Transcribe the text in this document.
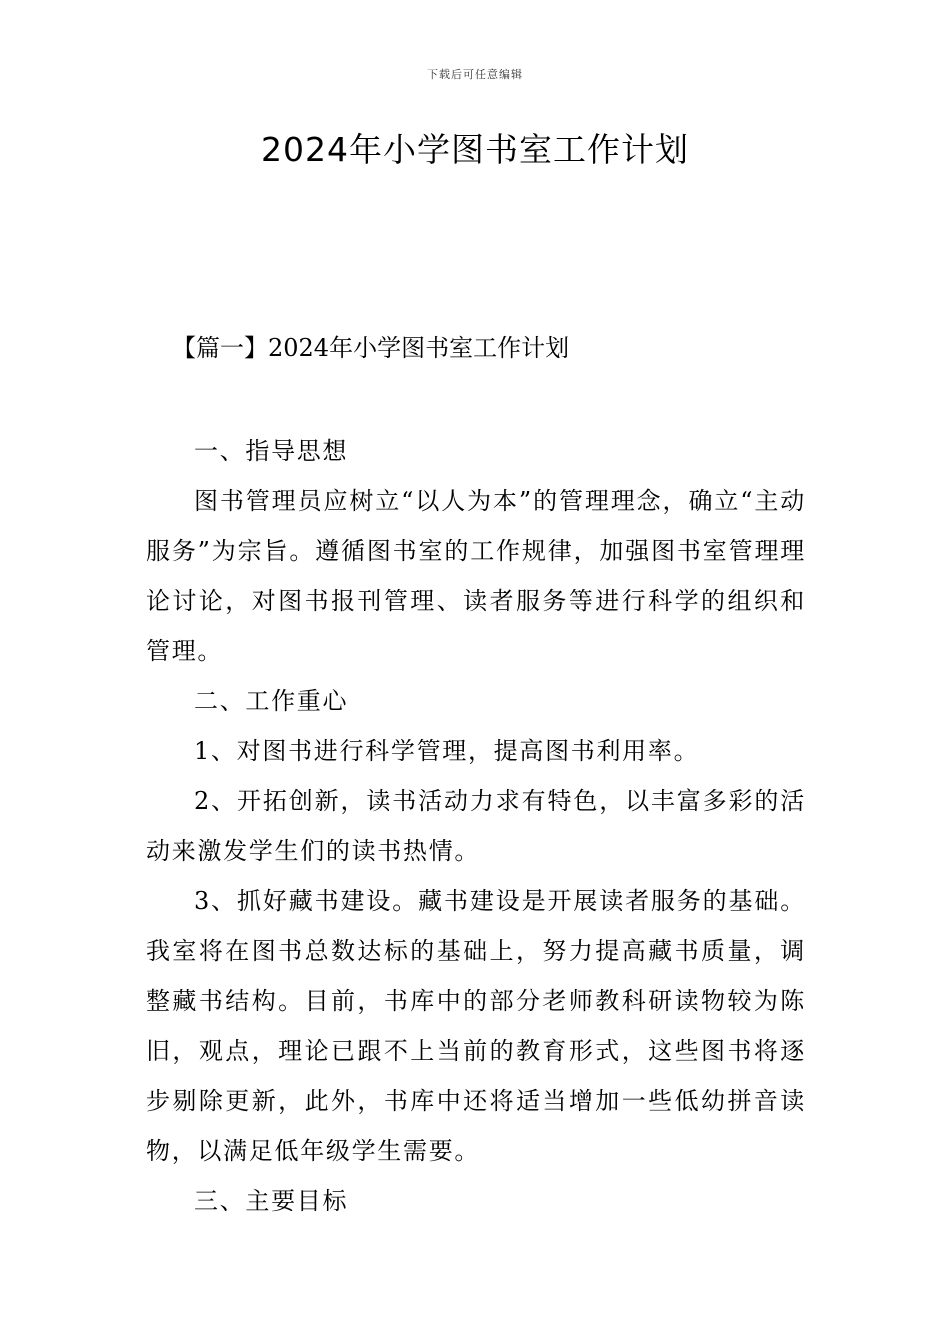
下载后可任意编辑
2024年小学图书室工作计划
【篇一】2024年小学图书室工作计划

一、指导思想

图书管理员应树立“以人为本”的管理理念，确立“主动服务”为宗旨。遵循图书室的工作规律，加强图书室管理理论讨论，对图书报刊管理、读者服务等进行科学的组织和管理。

二、工作重心

1、对图书进行科学管理，提高图书利用率。

2、开拓创新，读书活动力求有特色，以丰富多彩的活动来激发学生们的读书热情。

3、抓好藏书建设。藏书建设是开展读者服务的基础。我室将在图书总数达标的基础上，努力提高藏书质量，调整藏书结构。目前，书库中的部分老师教科研读物较为陈旧，观点，理论已跟不上当前的教育形式，这些图书将逐步剔除更新，此外，书库中还将适当增加一些低幼拼音读物，以满足低年级学生需要。

三、主要目标
